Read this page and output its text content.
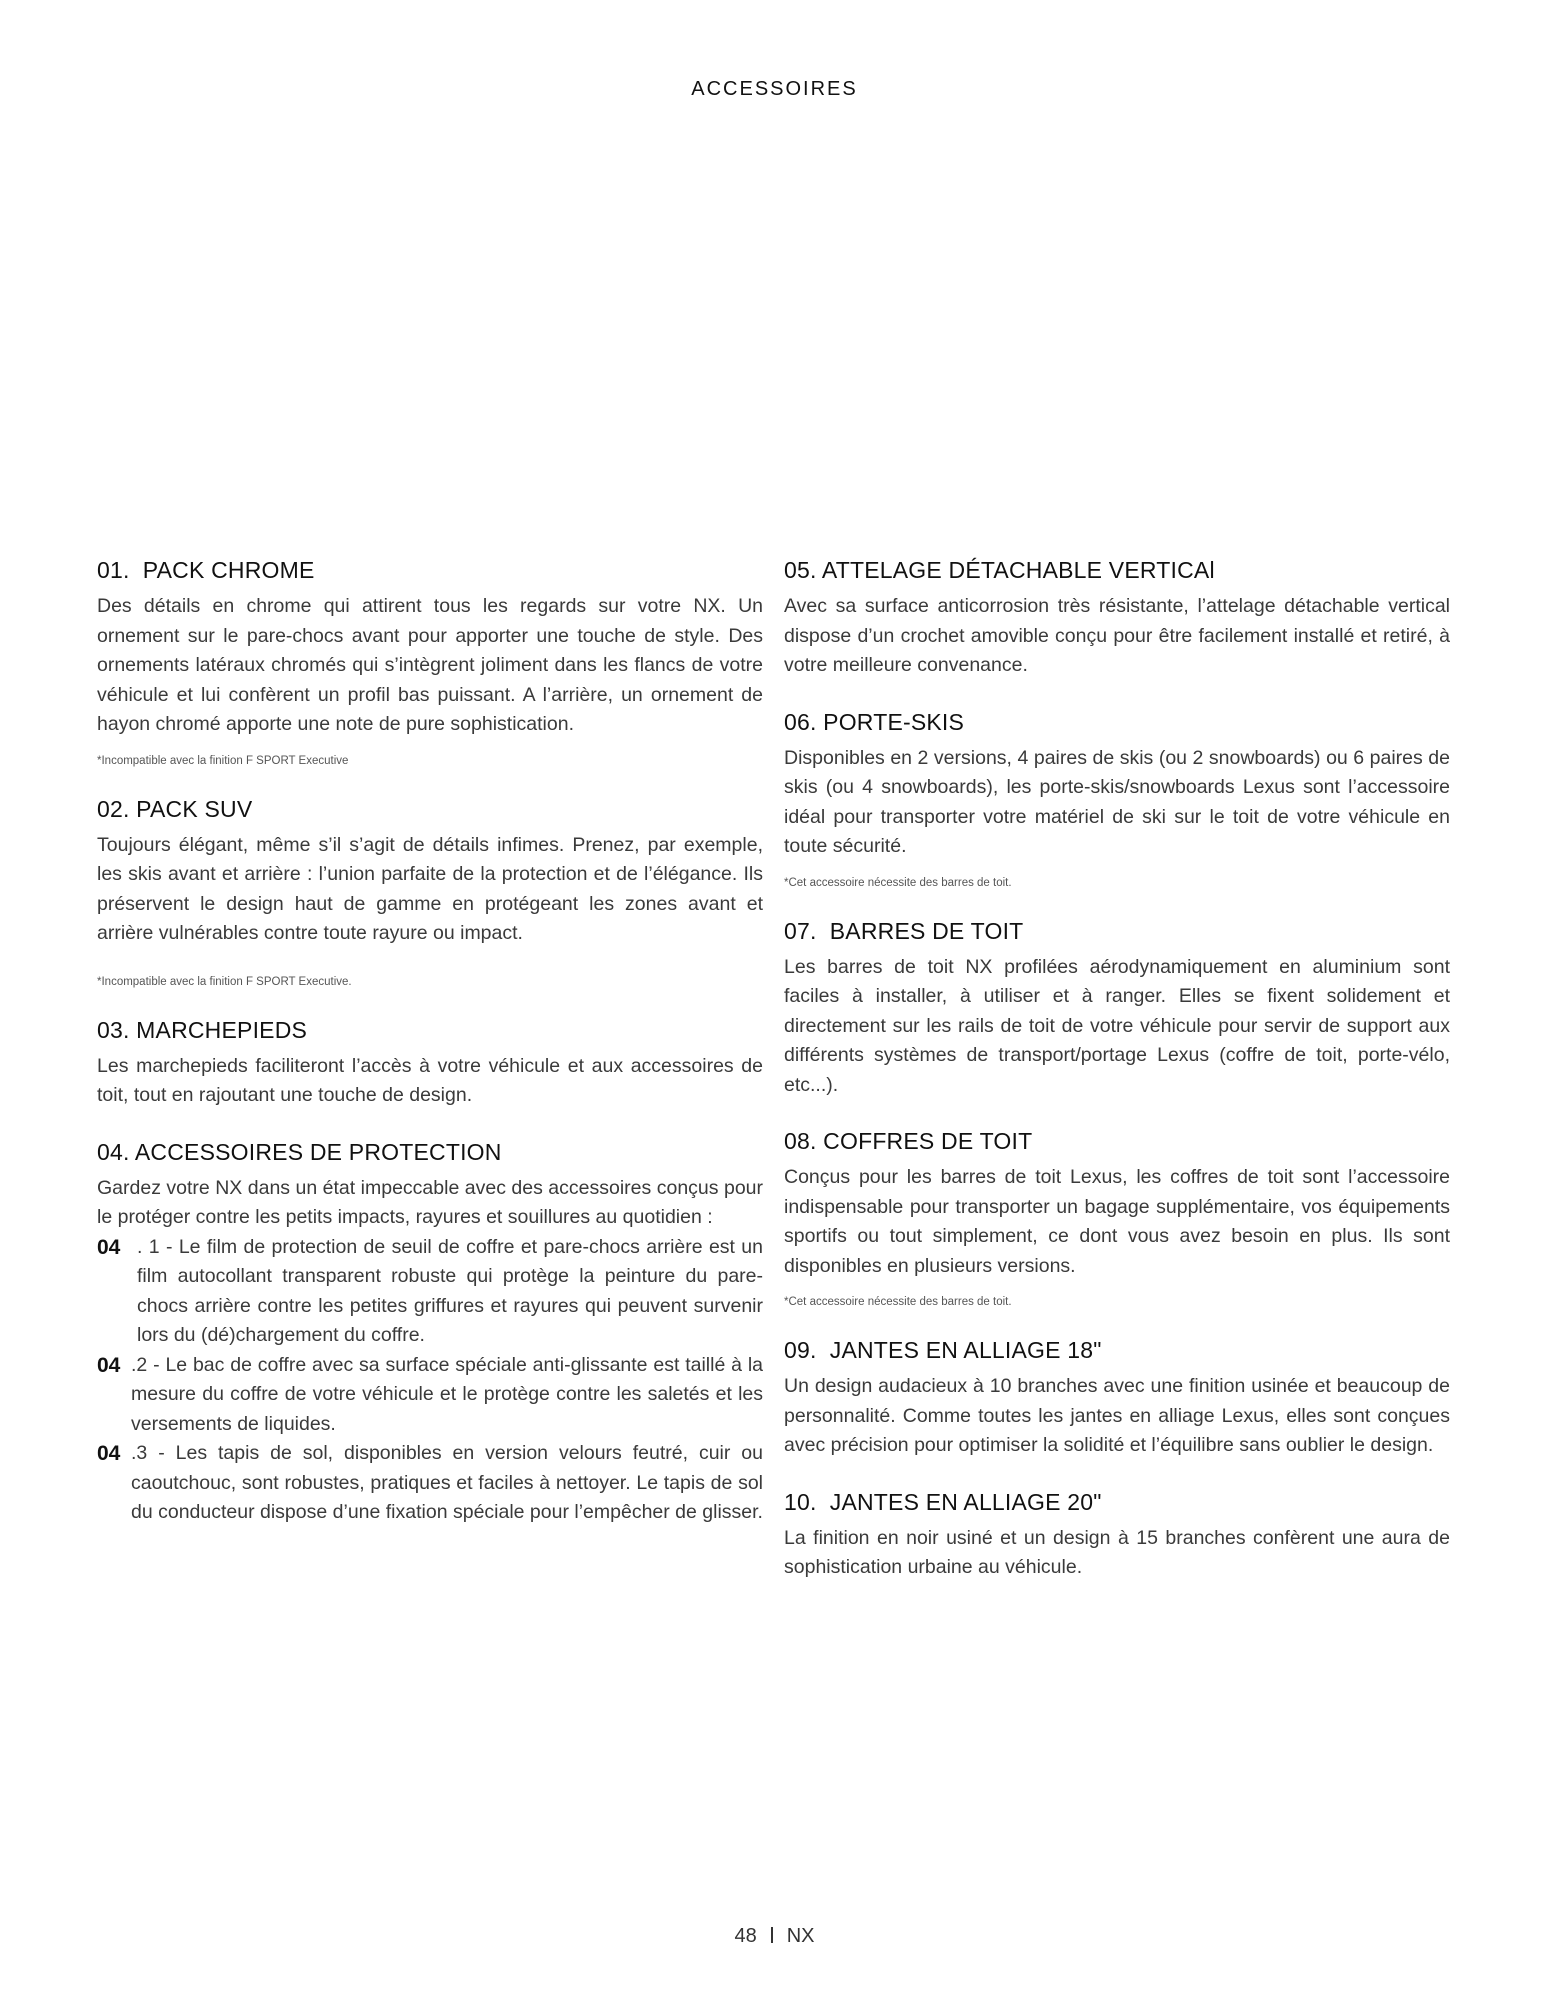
ACCESSOIRES
01.  PACK CHROME

Des détails en chrome qui attirent tous les regards sur votre NX. Un ornement sur le pare-chocs avant pour apporter une touche de style. Des ornements latéraux chromés qui s’intègrent joliment dans les flancs de votre véhicule et lui confèrent un profil bas puissant. A l’arrière, un ornement de hayon chromé apporte une note de pure sophistication.

*Incompatible avec la finition F SPORT Executive
02. PACK SUV

Toujours élégant, même s’il s’agit de détails infimes. Prenez, par exemple, les skis avant et arrière : l’union parfaite de la protection et de l’élégance. Ils préservent le design haut de gamme en protégeant les zones avant et arrière vulnérables contre toute rayure ou impact.

*Incompatible avec la finition F SPORT Executive.
03. MARCHEPIEDS

Les marchepieds faciliteront l’accès à votre véhicule et aux accessoires de toit, tout en rajoutant une touche de design.

04. ACCESSOIRES DE PROTECTION

Gardez votre NX dans un état impeccable avec des accessoires conçus pour le protéger contre les petits impacts, rayures et souillures au quotidien :

04 . 1 - Le film de protection de seuil de coffre et pare-chocs arrière est un film autocollant transparent robuste qui protège la peinture du pare-chocs arrière contre les petites griffures et rayures qui peuvent survenir lors du (dé)chargement du coffre.

04 .2 - Le bac de coffre avec sa surface spéciale anti-glissante est taillé à la mesure du coffre de votre véhicule et le protège contre les saletés et les versements de liquides.

04 .3 - Les tapis de sol, disponibles en version velours feutré, cuir ou caoutchouc, sont robustes, pratiques et faciles à nettoyer. Le tapis de sol du conducteur dispose d’une fixation spéciale pour l’empêcher de glisser.

05. ATTELAGE DÉTACHABLE VERTICAl

Avec sa surface anticorrosion très résistante, l’attelage détachable vertical dispose d’un crochet amovible conçu pour être facilement installé et retiré, à votre meilleure convenance.

06. PORTE-SKIS

Disponibles en 2 versions, 4 paires de skis (ou 2 snowboards) ou 6 paires de skis (ou 4 snowboards), les porte-skis/snowboards Lexus sont l’accessoire idéal pour transporter votre matériel de ski sur le toit de votre véhicule en toute sécurité.

*Cet accessoire nécessite des barres de toit.
07.  BARRES DE TOIT

Les barres de toit NX profilées aérodynamiquement en aluminium sont faciles à installer, à utiliser et à ranger. Elles se fixent solidement et directement sur les rails de toit de votre véhicule pour servir de support aux différents systèmes de transport/portage Lexus (coffre de toit, porte-vélo, etc...).

08. COFFRES DE TOIT

Conçus pour les barres de toit Lexus, les coffres de toit sont l’accessoire indispensable pour transporter un bagage supplémentaire, vos équipements sportifs ou tout simplement, ce dont vous avez besoin en plus. Ils sont disponibles en plusieurs versions.

*Cet accessoire nécessite des barres de toit.
09.  JANTES EN ALLIAGE 18"

Un design audacieux à 10 branches avec une finition usinée et beaucoup de personnalité. Comme toutes les jantes en alliage Lexus, elles sont conçues avec précision pour optimiser la solidité et l’équilibre sans oublier le design.

10.  JANTES EN ALLIAGE 20"

La finition en noir usiné et un design à 15 branches confèrent une aura de sophistication urbaine au véhicule.

48 NX
